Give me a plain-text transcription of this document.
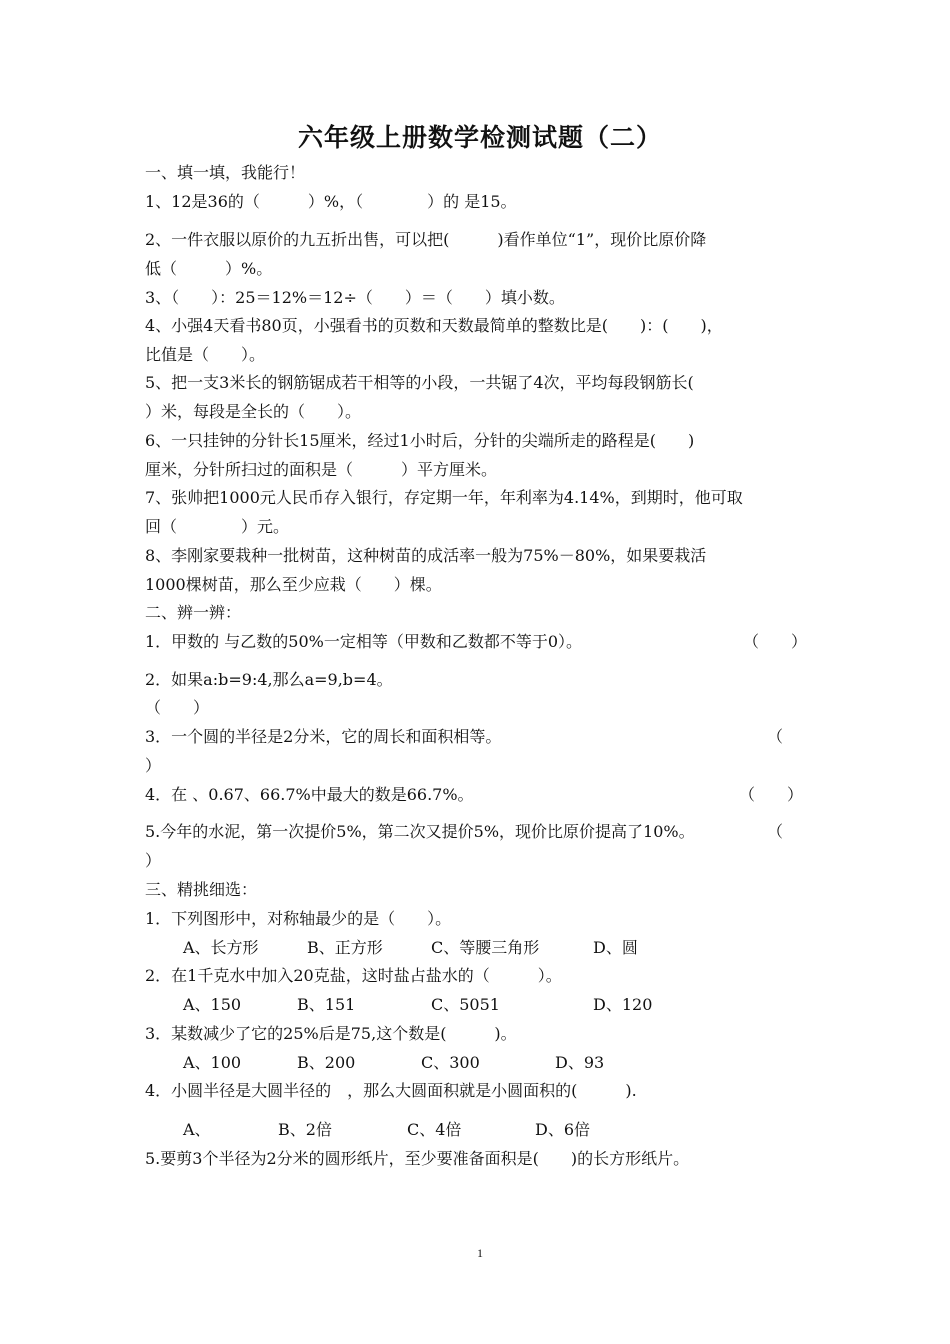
六年级上册数学检测试题（二）
一、填一填，我能行！
1、12是36的（　　　）%，（　　　　）的 是15。
2、一件衣服以原价的九五折出售，可以把(　　　)看作单位“1”，现价比原价降
低（　　　）%。
3、（　　）：25＝12%＝12÷（　　）＝（　　）填小数。
4、小强4天看书80页，小强看书的页数和天数最简单的整数比是(　　)：(　　)，
比值是（　　）。
5、把一支3米长的钢筋锯成若干相等的小段，一共锯了4次，平均每段钢筋长(
）米，每段是全长的（　　）。
6、一只挂钟的分针长15厘米，经过1小时后，分针的尖端所走的路程是(　　)
厘米，分针所扫过的面积是（　　　）平方厘米。
7、张帅把1000元人民币存入银行，存定期一年，年利率为4.14%，到期时，他可取
回（　　　　）元。
8、李刚家要栽种一批树苗，这种树苗的成活率一般为75%－80%，如果要栽活
1000棵树苗，那么至少应栽（　　）棵。
二、辨一辨：
1．甲数的 与乙数的50%一定相等（甲数和乙数都不等于0）。	（　　）
2．如果a:b=9:4,那么a=9,b=4。
（　　）
3．一个圆的半径是2分米，它的周长和面积相等。	（
）
4．在 、0.67、66.7%中最大的数是66.7%。	（　　）
5.今年的水泥，第一次提价5%，第二次又提价5%，现价比原价提高了10%。	（
）
三、精挑细选：
1．下列图形中，对称轴最少的是（　　）。
A、长方形	B、正方形	C、等腰三角形	D、圆
2．在1千克水中加入20克盐，这时盐占盐水的（　　　）。
A、150	B、151	C、5051	D、120
3．某数减少了它的25%后是75,这个数是(　　　)。
A、100	B、200	C、300	D、93
4．小圆半径是大圆半径的　，那么大圆面积就是小圆面积的(　　　).
A、	B、2倍	C、4倍	D、6倍
5.要剪3个半径为2分米的圆形纸片，至少要准备面积是(　　)的长方形纸片。
1
